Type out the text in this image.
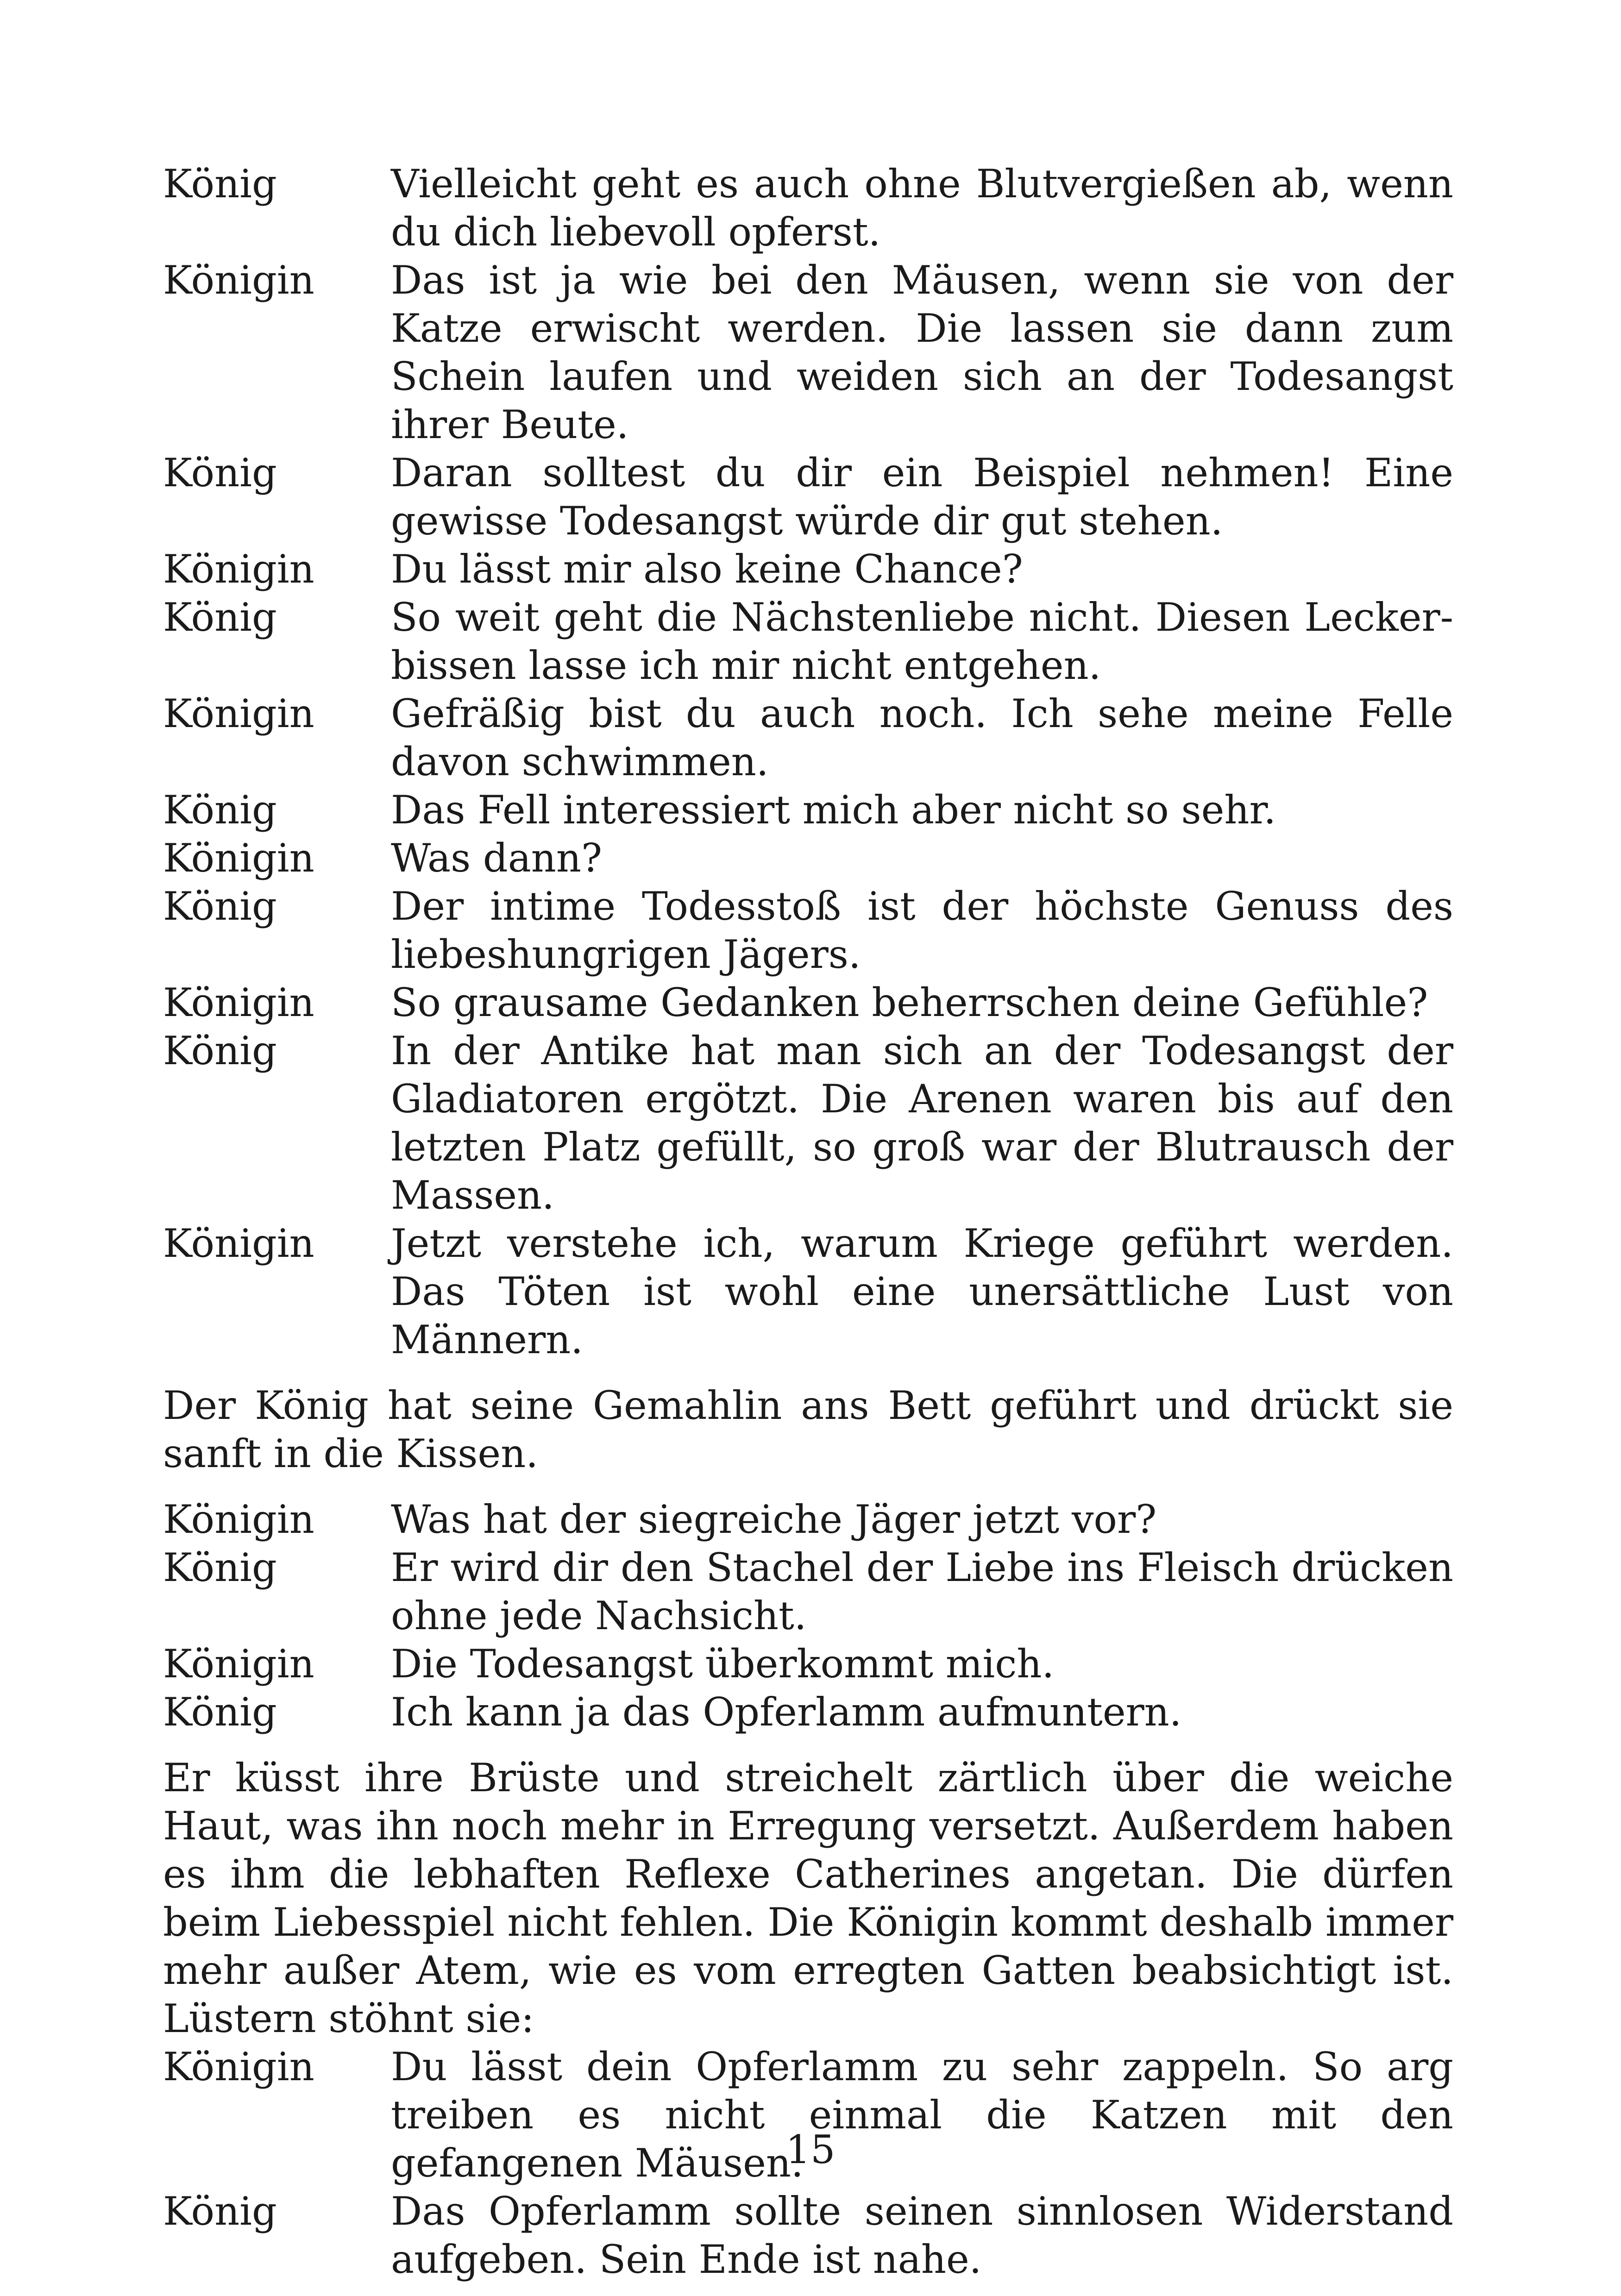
König	Vielleicht geht es auch ohne Blutvergießen ab, wenn du dich liebevoll opferst.
Königin	Das ist ja wie bei den Mäusen, wenn sie von der Katze erwischt werden. Die lassen sie dann zum Schein laufen und weiden sich an der Todesangst ihrer Beute.
König	Daran solltest du dir ein Beispiel nehmen! Eine gewisse Todesangst würde dir gut stehen.
Königin	Du lässt mir also keine Chance?
König	So weit geht die Nächstenliebe nicht. Diesen Leckerbissen lasse ich mir nicht entgehen.
Königin	Gefräßig bist du auch noch. Ich sehe meine Felle davon schwimmen.
König	Das Fell interessiert mich aber nicht so sehr.
Königin	Was dann?
König	Der intime Todesstoß ist der höchste Genuss des liebeshungrigen Jägers.
Königin	So grausame Gedanken beherrschen deine Gefühle?
König	In der Antike hat man sich an der Todesangst der Gladiatoren ergötzt. Die Arenen waren bis auf den letzten Platz gefüllt, so groß war der Blutrausch der Massen.
Königin	Jetzt verstehe ich, warum Kriege geführt werden. Das Töten ist wohl eine unersättliche Lust von Männern.

Der König hat seine Gemahlin ans Bett geführt und drückt sie sanft in die Kissen.

Königin	Was hat der siegreiche Jäger jetzt vor?
König	Er wird dir den Stachel der Liebe ins Fleisch drücken ohne jede Nachsicht.
Königin	Die Todesangst überkommt mich.
König	Ich kann ja das Opferlamm aufmuntern.

Er küsst ihre Brüste und streichelt zärtlich über die weiche Haut, was ihn noch mehr in Erregung versetzt. Außerdem haben es ihm die lebhaften Reflexe Catherines angetan. Die dürfen beim Liebesspiel nicht fehlen. Die Königin kommt deshalb immer mehr außer Atem, wie es vom erregten Gatten beabsichtigt ist. Lüstern stöhnt sie:

Königin	Du lässt dein Opferlamm zu sehr zappeln. So arg treiben es nicht einmal die Katzen mit den gefangenen Mäusen.
König	Das Opferlamm sollte seinen sinnlosen Widerstand aufgeben. Sein Ende ist nahe.
15
